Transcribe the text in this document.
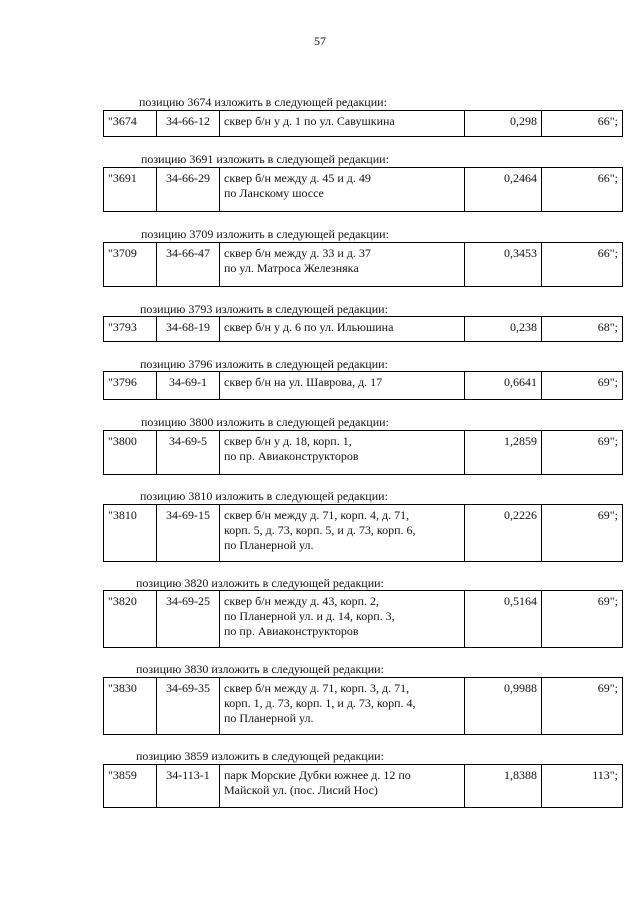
57
позицию 3674 изложить в следующей редакции:
"3674	34-66-12	сквер б/н у д. 1 по ул. Савушкина	0,298	66";
позицию 3691 изложить в следующей редакции:
"3691	34-66-29	сквер б/н между д. 45 и д. 49
по Ланскому шоссе
	0,2464	66";
позицию 3709 изложить в следующей редакции:
"3709	34-66-47	сквер б/н между д. 33 и д. 37
по ул. Матроса Железняка
	0,3453	66";
позицию 3793 изложить в следующей редакции:
"3793	34-68-19	сквер б/н у д. 6 по ул. Ильюшина	0,238	68";
позицию 3796 изложить в следующей редакции:
"3796	34-69-1	сквер б/н на ул. Шаврова, д. 17	0,6641	69";
позицию 3800 изложить в следующей редакции:
"3800	34-69-5	сквер б/н у д. 18, корп. 1,
по пр. Авиаконструкторов
	1,2859	69";
позицию 3810 изложить в следующей редакции:
"3810	34-69-15	сквер б/н между д. 71, корп. 4, д. 71,
корп. 5, д. 73, корп. 5, и д. 73, корп. 6,
по Планерной ул.
	0,2226	69";
позицию 3820 изложить в следующей редакции:
"3820	34-69-25	сквер б/н между д. 43, корп. 2,
по Планерной ул. и д. 14, корп. 3,
по пр. Авиаконструкторов
	0,5164	69";
позицию 3830 изложить в следующей редакции:
"3830	34-69-35	сквер б/н между д. 71, корп. 3, д. 71,
корп. 1, д. 73, корп. 1, и д. 73, корп. 4,
по Планерной ул.
	0,9988	69";
позицию 3859 изложить в следующей редакции:
"3859	34-113-1	парк Морские Дубки южнее д. 12 по
Майской ул. (пос. Лисий Нос)
	1,8388	113";
